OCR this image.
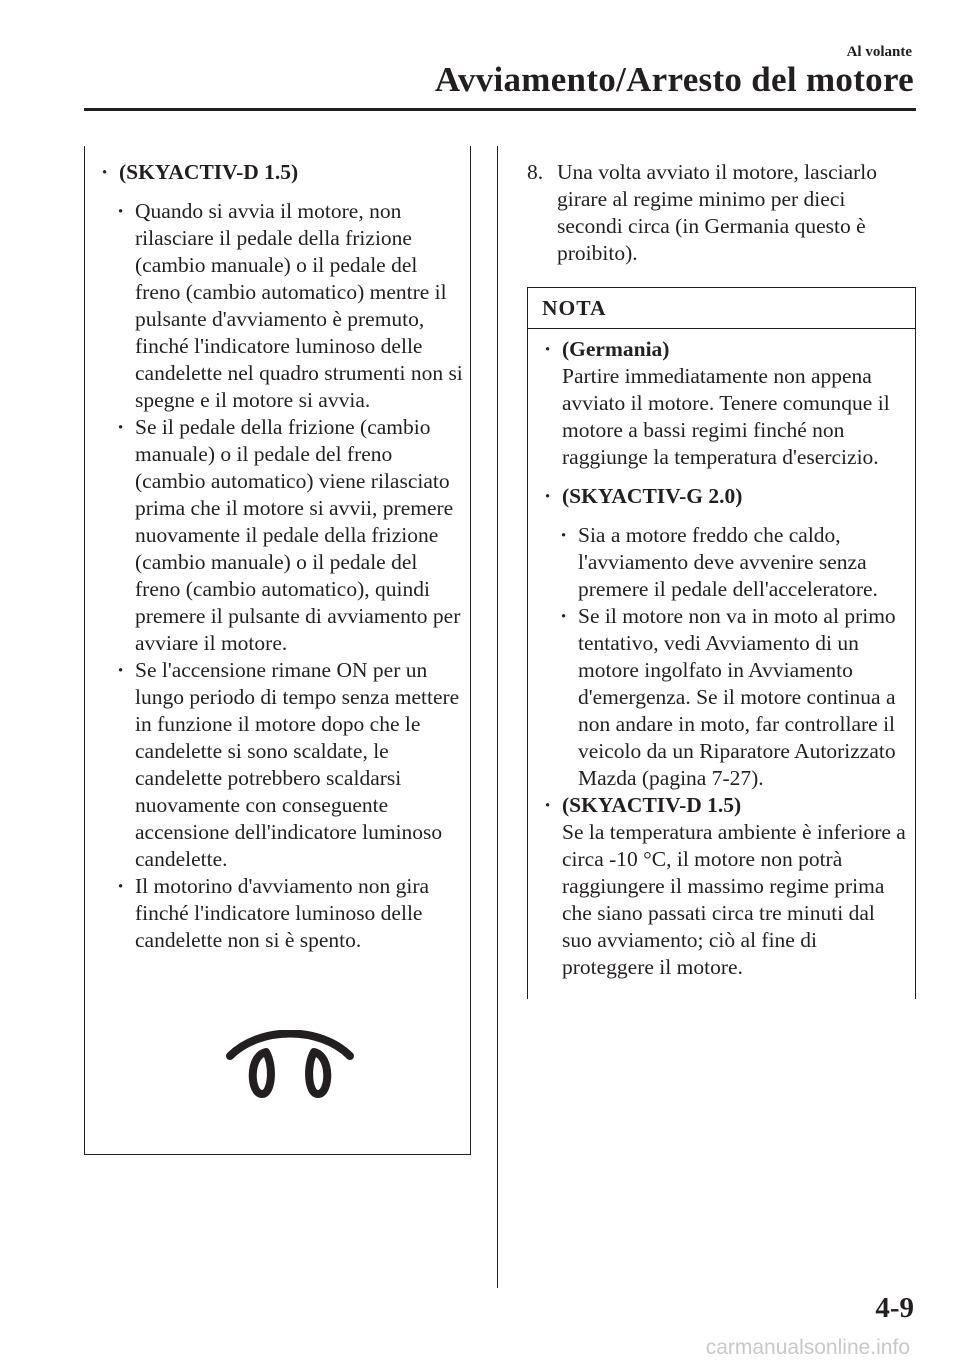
Al volante
Avviamento/Arresto del motore
· (SKYACTIV-D 1.5)
· Quando si avvia il motore, non rilasciare il pedale della frizione (cambio manuale) o il pedale del freno (cambio automatico) mentre il pulsante d'avviamento è premuto, finché l'indicatore luminoso delle candelette nel quadro strumenti non si spegne e il motore si avvia.
· Se il pedale della frizione (cambio manuale) o il pedale del freno (cambio automatico) viene rilasciato prima che il motore si avvii, premere nuovamente il pedale della frizione (cambio manuale) o il pedale del freno (cambio automatico), quindi premere il pulsante di avviamento per avviare il motore.
· Se l'accensione rimane ON per un lungo periodo di tempo senza mettere in funzione il motore dopo che le candelette si sono scaldate, le candelette potrebbero scaldarsi nuovamente con conseguente accensione dell'indicatore luminoso candelette.
· Il motorino d'avviamento non gira finché l'indicatore luminoso delle candelette non si è spento.
8. Una volta avviato il motore, lasciarlo girare al regime minimo per dieci secondi circa (in Germania questo è proibito).
NOTA
· (Germania)
Partire immediatamente non appena avviato il motore. Tenere comunque il motore a bassi regimi finché non raggiunge la temperatura d'esercizio.
· (SKYACTIV-G 2.0)
· Sia a motore freddo che caldo, l'avviamento deve avvenire senza premere il pedale dell'acceleratore.
· Se il motore non va in moto al primo tentativo, vedi Avviamento di un motore ingolfato in Avviamento d'emergenza. Se il motore continua a non andare in moto, far controllare il veicolo da un Riparatore Autorizzato Mazda (pagina 7-27).
· (SKYACTIV-D 1.5)
Se la temperatura ambiente è inferiore a circa -10 °C, il motore non potrà raggiungere il massimo regime prima che siano passati circa tre minuti dal suo avviamento; ciò al fine di proteggere il motore.
4-9
carmanualsonline.info
